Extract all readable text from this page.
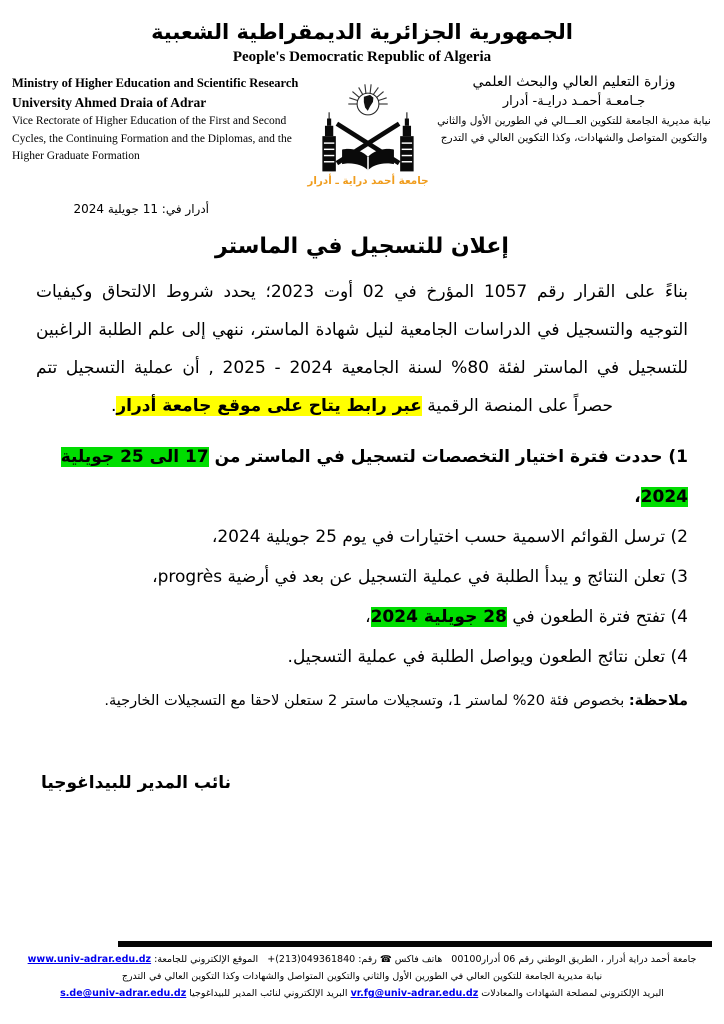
الجمهورية الجزائرية الديمقراطية الشعبية
People's Democratic Republic of Algeria
Ministry of Higher Education and Scientific Research
University Ahmed Draia of Adrar
Vice Rectorate of Higher Education of the First and Second Cycles, the Continuing Formation and the Diplomas, and the Higher Graduate Formation
جامعة أحمد دراية ـ أدرار
وزارة التعليم العالي والبحث العلمي
جـامعـة أحمـد درايـة- أدرار
نيابة مديرية الجامعة للتكوين العـــالي في الطورين الأول والثاني والتكوين المتواصل والشهادات، وكذا التكوين العالي في التدرج
أدرار في: 11 جويلية 2024
إعلان للتسجيل في الماستر
بناءً على القرار رقم 1057 المؤرخ في 02 أوت 2023؛ يحدد شروط الالتحاق وكيفيات
التوجيه والتسجيل في الدراسات الجامعية لنيل شهادة الماستر، ننهي إلى علم الطلبة الراغبين
للتسجيل في الماستر لفئة 80% لسنة الجامعية 2024 - 2025 , أن عملية التسجيل تتم
حصراً على المنصة الرقمية عبر رابط يتاح على موقع جامعة أدرار.
1) حددت فترة اختيار التخصصات لتسجيل في الماستر من 17 الى 25 جويلية 2024،
2) ترسل القوائم الاسمية حسب اختيارات في يوم 25 جويلية 2024،
3) تعلن النتائج و يبدأ الطلبة في عملية التسجيل عن بعد في أرضية progrès،
4) تفتح فترة الطعون في 28 جويلية 2024،
4) تعلن نتائج الطعون ويواصل الطلبة في عملية التسجيل.
ملاحظة: بخصوص فئة 20% لماستر 1، وتسجيلات ماستر 2 ستعلن لاحقا مع التسجيلات الخارجية.
نائب المدير للبيداغوجيا
جامعة أحمد دراية أدرار ، الطريق الوطني رقم 06 أدرار00100   هاتف فاكس ☎ رقم: +(213)049361840   الموقع الإلكتروني للجامعة: www.univ-adrar.edu.dz
نيابة مديرية الجامعة للتكوين العالي في الطورين الأول والثاني والتكوين المتواصل والشهادات وكذا التكوين العالي في التدرج
البريد الإلكتروني لمصلحة الشهادات والمعادلات vr.fg@univ-adrar.edu.dz البريد الإلكتروني لنائب المدير للبيداغوجيا s.de@univ-adrar.edu.dz
